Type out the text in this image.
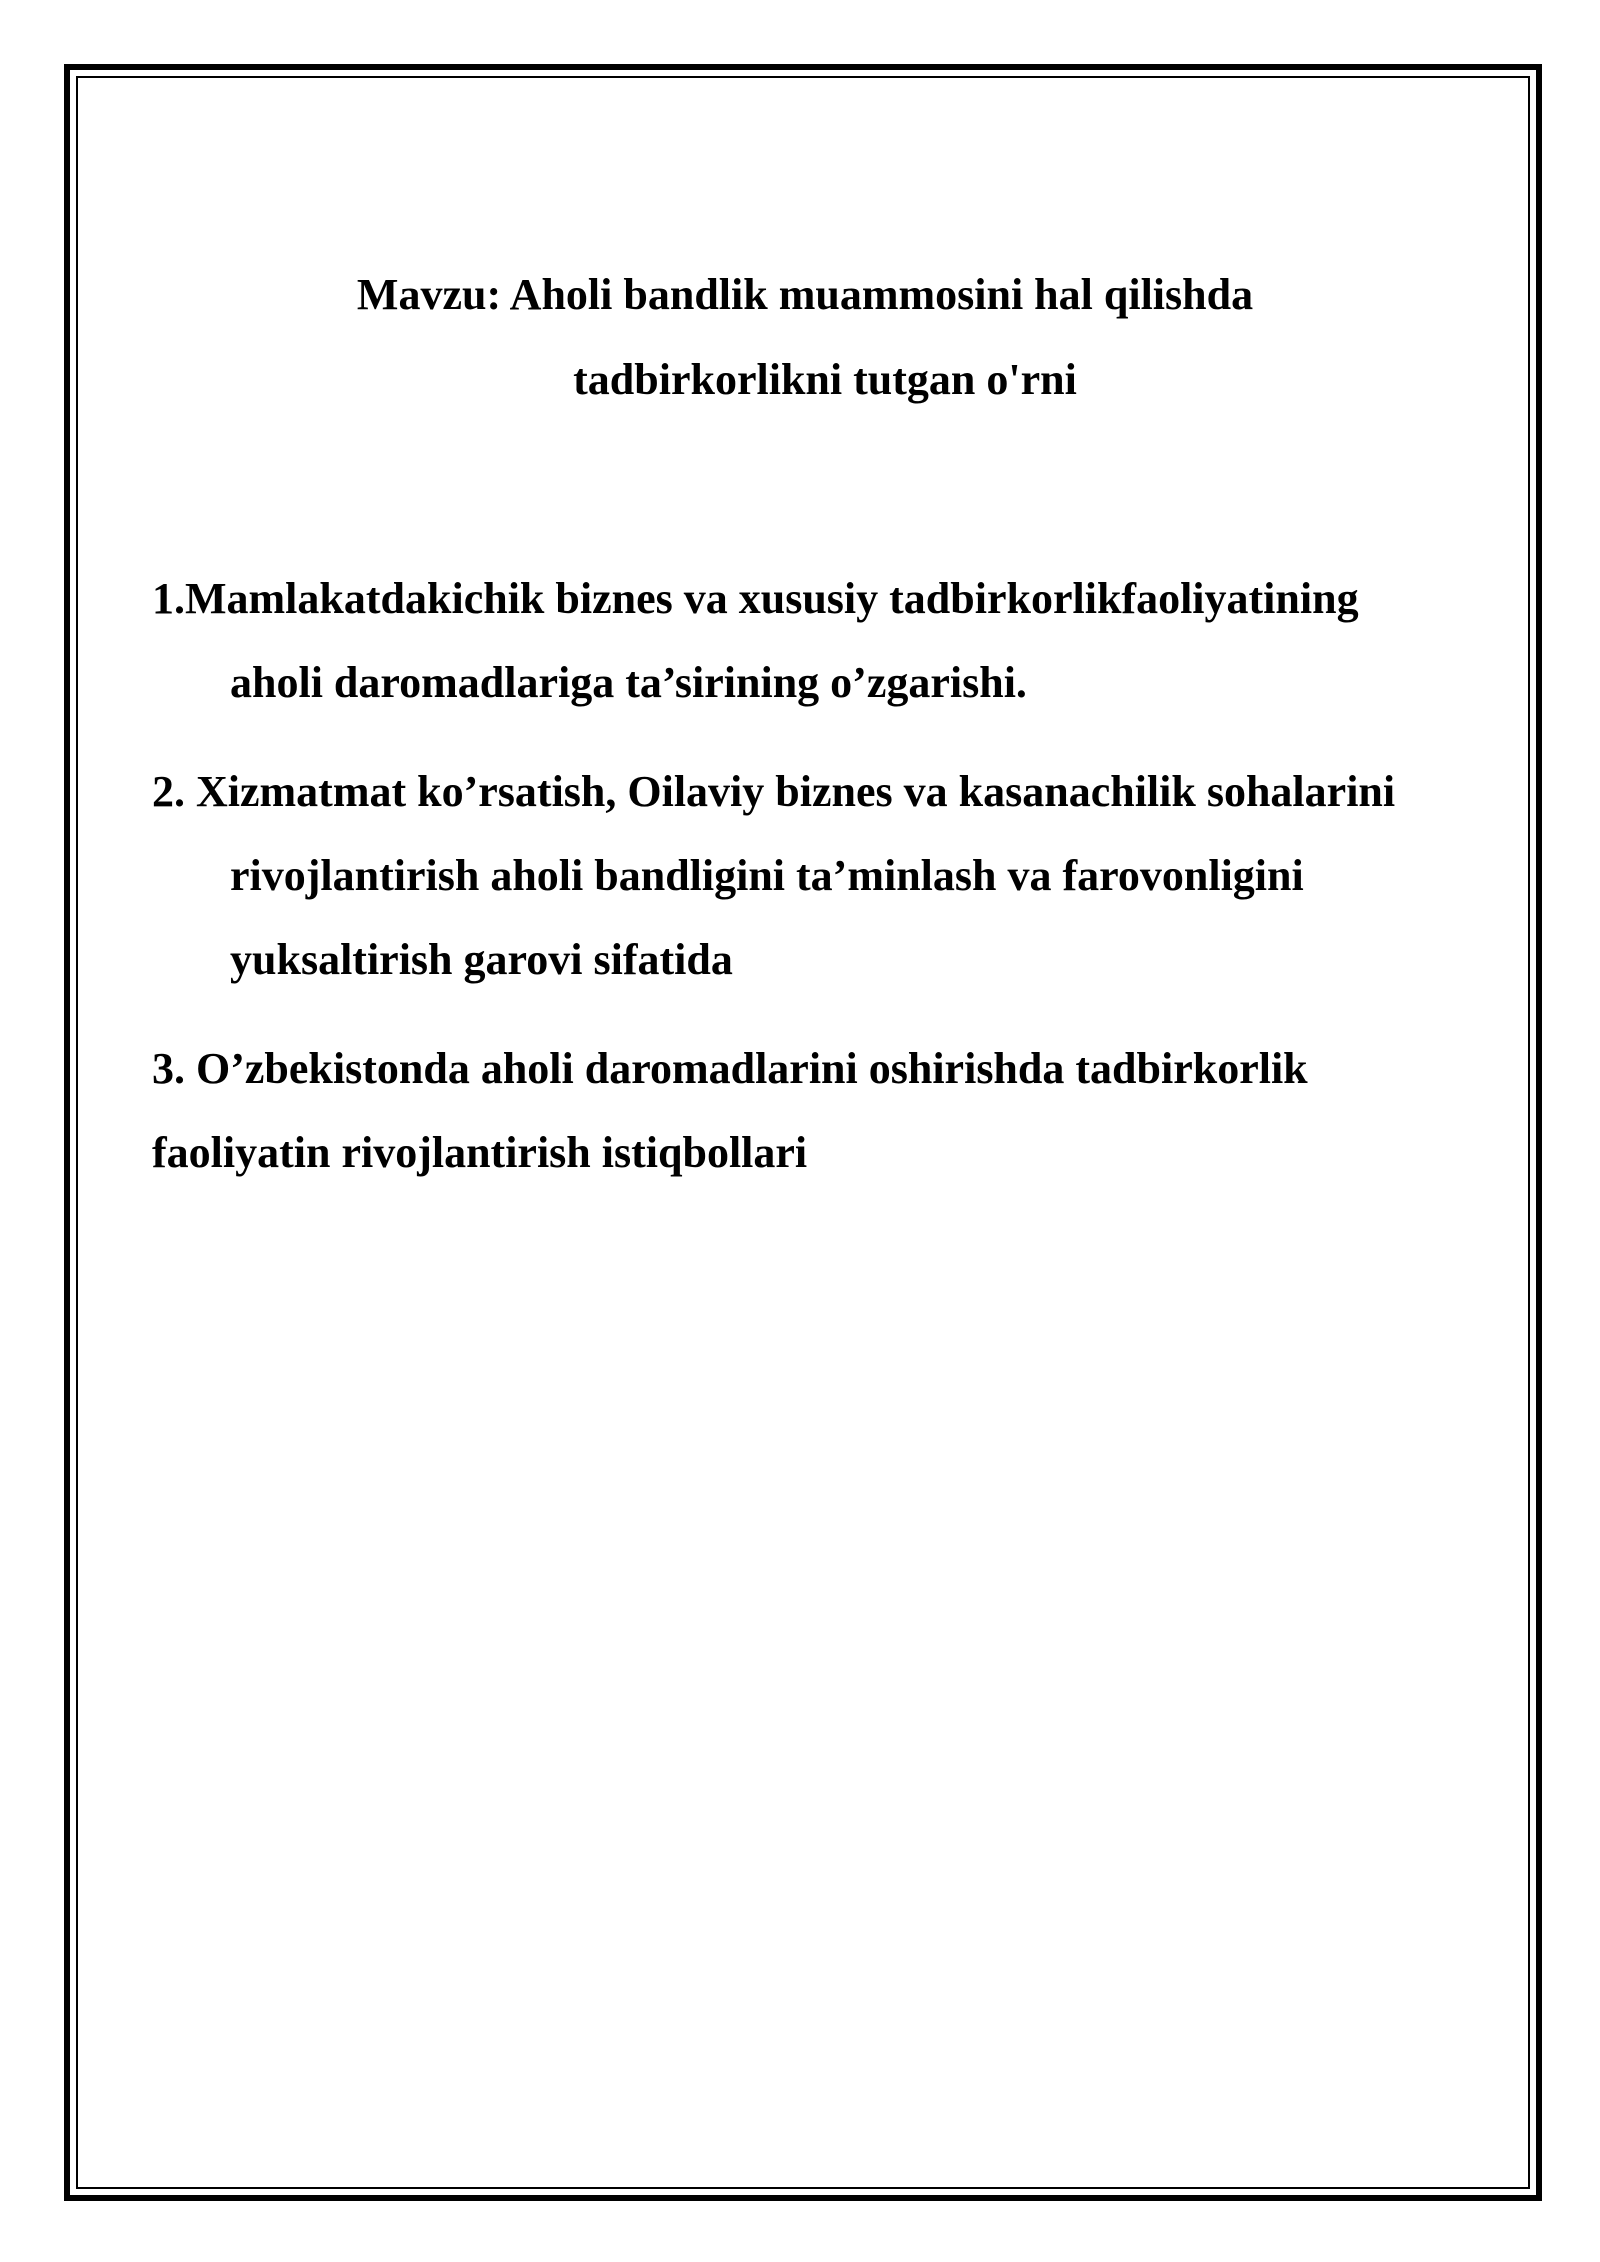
Mavzu: Aholi bandlik muammosini hal qilishda
tadbirkorlikni tutgan o'rni
1.Mamlakatdakichik biznes va xususiy tadbirkorlikfaoliyatining aholi daromadlariga ta’sirining o’zgarishi.
2. Xizmatmat ko’rsatish, Oilaviy biznes va kasanachilik sohalarini rivojlantirish aholi bandligini ta’minlash va farovonligini yuksaltirish garovi sifatida
3. O’zbekistonda aholi daromadlarini oshirishda tadbirkorlik faoliyatin rivojlantirish istiqbollari
